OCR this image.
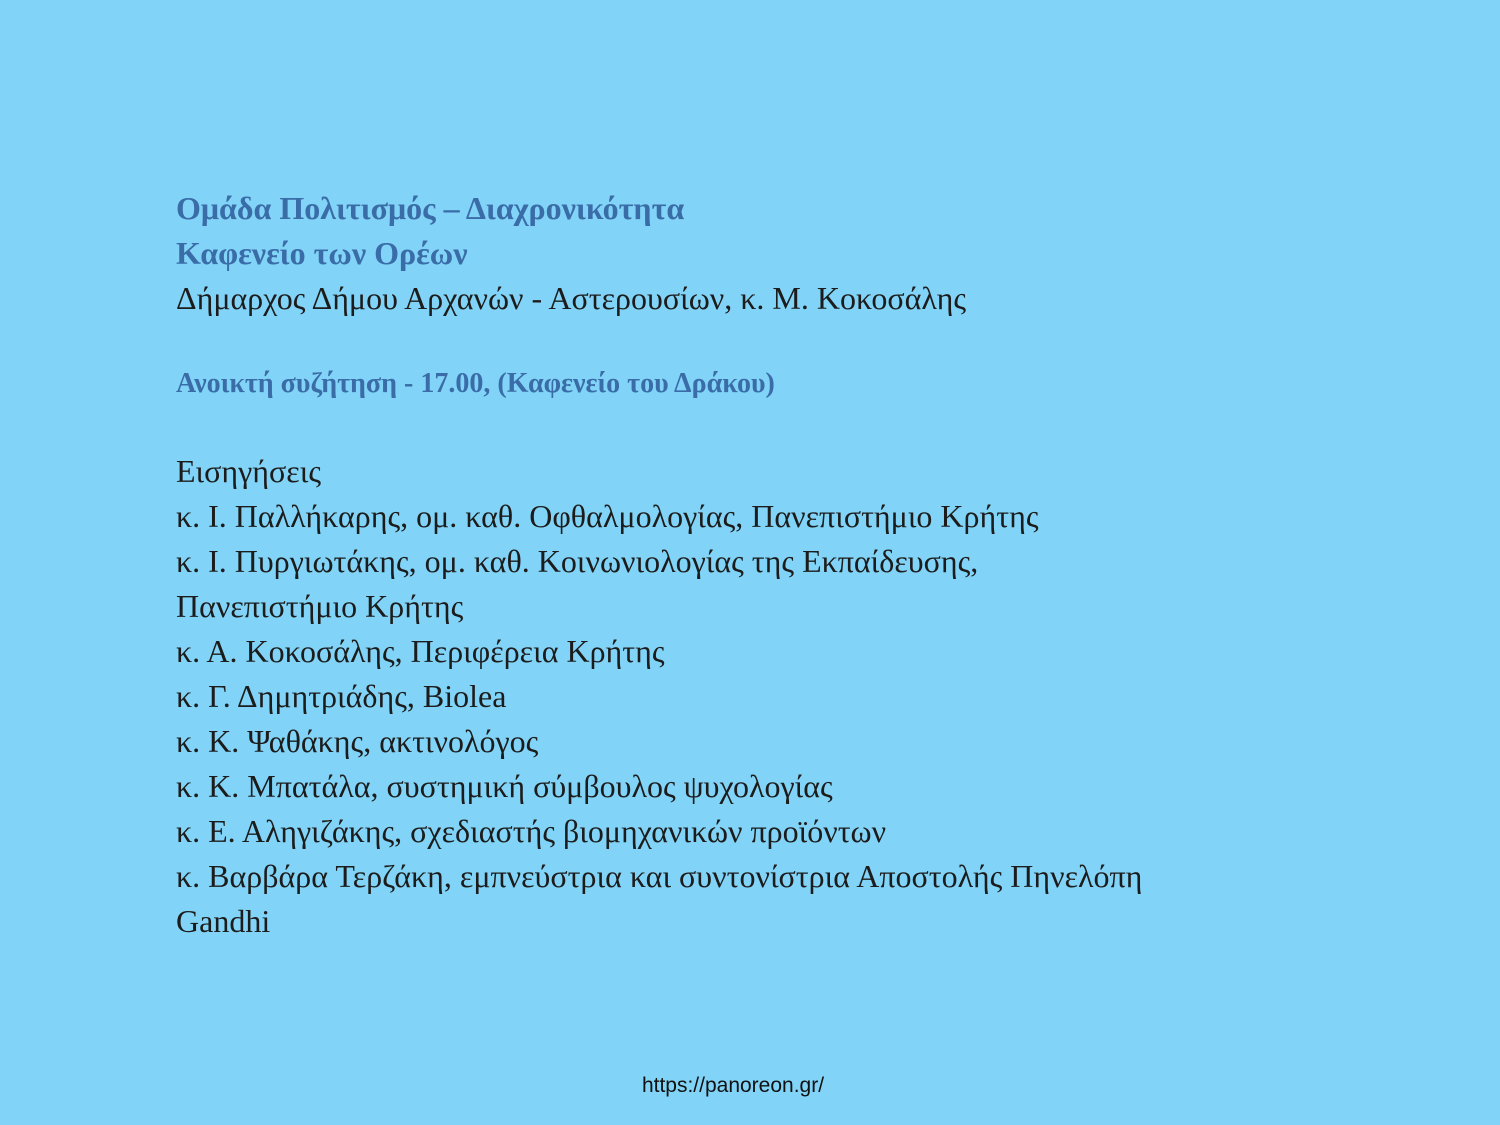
Ομάδα Πολιτισμός – Διαχρονικότητα
Καφενείο των Ορέων
Δήμαρχος Δήμου Αρχανών - Αστερουσίων, κ. Μ. Κοκοσάλης
Ανοικτή συζήτηση - 17.00, (Καφενείο του Δράκου)
Εισηγήσεις
κ. Ι. Παλλήκαρης, ομ. καθ. Οφθαλμολογίας, Πανεπιστήμιο Κρήτης
κ. Ι. Πυργιωτάκης, ομ. καθ. Κοινωνιολογίας της Εκπαίδευσης,
Πανεπιστήμιο Κρήτης
κ. Α. Κοκοσάλης, Περιφέρεια Κρήτης
κ. Γ. Δημητριάδης, Biolea
κ. Κ. Ψαθάκης, ακτινολόγος
κ. Κ. Μπατάλα, συστημική σύμβουλος ψυχολογίας
κ. Ε. Αληγιζάκης, σχεδιαστής βιομηχανικών προϊόντων
κ. Βαρβάρα Τερζάκη, εμπνεύστρια και συντονίστρια Αποστολής Πηνελόπη
Gandhi
https://panoreon.gr/
